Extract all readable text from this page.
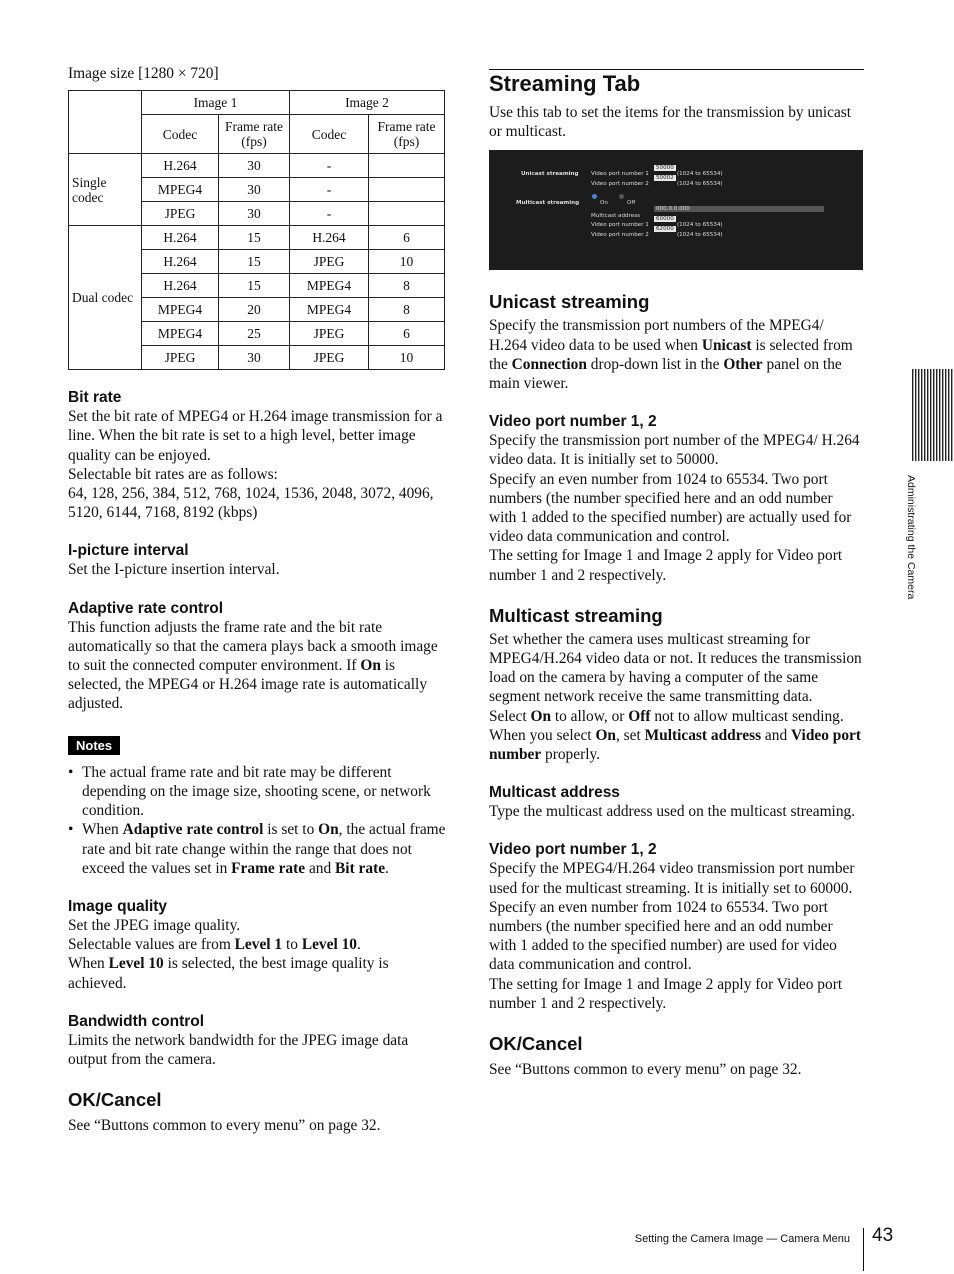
Image size [1280 × 720]

	Image 1		Image 2	
	Codec	Frame rate (fps)	Codec	Frame rate (fps)
Single codec	H.264	30	-	
	MPEG4	30	-	
	JPEG	30	-	
Dual codec	H.264	15	H.264	6
	H.264	15	JPEG	10
	H.264	15	MPEG4	8
	MPEG4	20	MPEG4	8
	MPEG4	25	JPEG	6
	JPEG	30	JPEG	10
Bit rate

Set the bit rate of MPEG4 or H.264 image transmission for a line. When the bit rate is set to a high level, better image quality can be enjoyed.

Selectable bit rates are as follows:

64, 128, 256, 384, 512, 768, 1024, 1536, 2048, 3072, 4096, 5120, 6144, 7168, 8192 (kbps)

I-picture interval

Set the I-picture insertion interval.

Adaptive rate control

This function adjusts the frame rate and the bit rate automatically so that the camera plays back a smooth image to suit the connected computer environment. If On is selected, the MPEG4 or H.264 image rate is automatically adjusted.

Notes
• The actual frame rate and bit rate may be different depending on the image size, shooting scene, or network condition.
• When Adaptive rate control is set to On, the actual frame rate and bit rate change within the range that does not exceed the values set in Frame rate and Bit rate.
Image quality

Set the JPEG image quality.

Selectable values are from Level 1 to Level 10.

When Level 10 is selected, the best image quality is achieved.

Bandwidth control

Limits the network bandwidth for the JPEG image data output from the camera.

OK/Cancel

See “Buttons common to every menu” on page 32.

Streaming Tab

Use this tab to set the items for the transmission by unicast or multicast.

Unicast streaming Video port number 1
50000
(1024 to 65534)
Video port number 2
50002
(1024 to 65534)
Multicast streaming	On	Off
Multicast address
000.0.0.000
Video port number 1
60000
(1024 to 65534)
Video port number 2
62000
(1024 to 65534)
Unicast streaming

Specify the transmission port numbers of the MPEG4/ H.264 video data to be used when Unicast is selected from the Connection drop-down list in the Other panel on the main viewer.

Video port number 1, 2

Specify the transmission port number of the MPEG4/ H.264 video data. It is initially set to 50000.

Specify an even number from 1024 to 65534. Two port numbers (the number specified here and an odd number with 1 added to the specified number) are actually used for video data communication and control.

The setting for Image 1 and Image 2 apply for Video port number 1 and 2 respectively.

Multicast streaming

Set whether the camera uses multicast streaming for MPEG4/H.264 video data or not. It reduces the transmission load on the camera by having a computer of the same segment network receive the same transmitting data.

Select On to allow, or Off not to allow multicast sending.

When you select On, set Multicast address and Video port number properly.

Multicast address

Type the multicast address used on the multicast streaming.

Video port number 1, 2

Specify the MPEG4/H.264 video transmission port number used for the multicast streaming. It is initially set to 60000. Specify an even number from 1024 to 65534. Two port numbers (the number specified here and an odd number with 1 added to the specified number) are used for video data communication and control.

The setting for Image 1 and Image 2 apply for Video port number 1 and 2 respectively.

OK/Cancel

See “Buttons common to every menu” on page 32.

Administrating the Camera
Setting the Camera Image — Camera Menu 43
